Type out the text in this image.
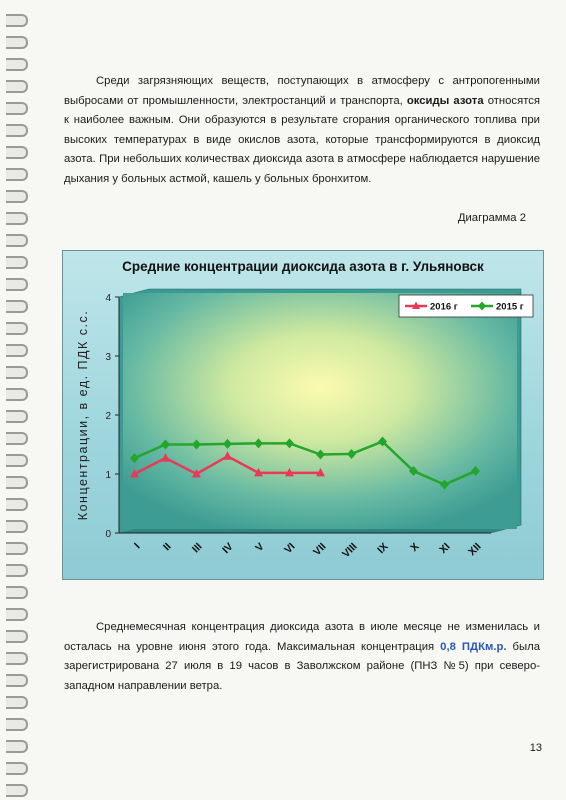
Среди загрязняющих веществ, поступающих в атмосферу с антропогенными выбросами от промышленности, электростанций и транспорта, оксиды азота относятся к наиболее важным. Они образуются в результате сгорания органического топлива при высоких температурах в виде окислов азота, которые трансформируются в диоксид азота. При небольших количествах диоксида азота в атмосфере наблюдается нарушение дыхания у больных астмой, кашель у больных бронхитом.

Диаграмма 2
Средние концентрации диоксида азота в г. Ульяновск
0
1
2
3
4
Концентрации, в ед. ПДК с.с.
I II III IV V VI VII VIII IX X XI XII
2016 г	2015 г

Среднемесячная концентрация диоксида азота в июле месяце не изменилась и осталась на уровне июня этого года. Максимальная концентрация 0,8 ПДКм.р. была зарегистрирована 27 июля в 19 часов в Заволжском районе (ПНЗ №5) при северо-западном направлении ветра.

13
